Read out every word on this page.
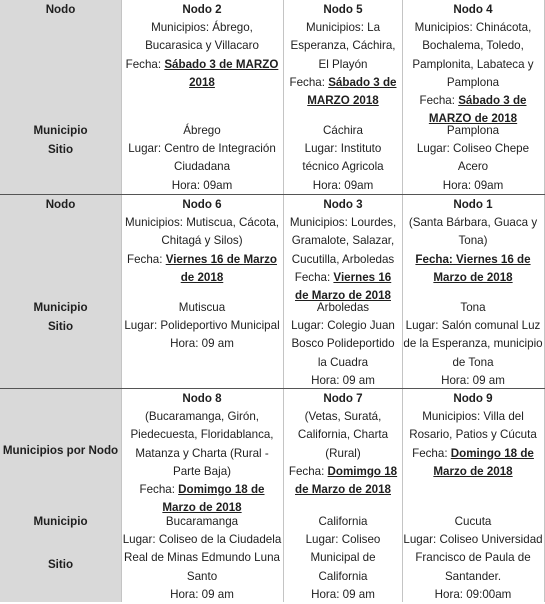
Nodo
Municipio
Sitio
Nodo 2
Municipios: Ábrego,
Bucarasica y Villacaro
Fecha: Sábado 3 de MARZO
2018
Ábrego
Lugar: Centro de Integración
Ciudadana
Hora: 09am
Nodo 5
Municipios: La
Esperanza, Cáchira,
El Playón
Fecha: Sábado 3 de
MARZO 2018
Cáchira
Lugar: Instituto
técnico Agricola
Hora: 09am
Nodo 4
Municipios: Chinácota,
Bochalema, Toledo,
Pamplonita, Labateca y
Pamplona
Fecha: Sábado 3 de
MARZO de 2018
Pamplona
Lugar: Coliseo Chepe
Acero
Hora: 09am
Nodo
Municipio
Sitio
Nodo 6
Municipios: Mutiscua, Cácota,
Chitagá y Silos)
Fecha: Viernes 16 de Marzo
de 2018
Mutiscua
Lugar: Polideportivo Municipal
Hora: 09 am
Nodo 3
Municipios: Lourdes,
Gramalote, Salazar,
Cucutilla, Arboledas
Fecha: Viernes 16
de Marzo de 2018
Arboledas
Lugar: Colegio Juan
Bosco Polideportido
la Cuadra
Hora: 09 am
Nodo 1
(Santa Bárbara, Guaca y
Tona)
Fecha: Viernes 16 de
Marzo de 2018
Tona
Lugar: Salón comunal Luz
de la Esperanza, municipio
de Tona
Hora: 09 am
Municipios por Nodo
Municipio
Sitio
Nodo 8
(Bucaramanga, Girón,
Piedecuesta, Floridablanca,
Matanza y Charta (Rural -
Parte Baja)
Fecha: Domimgo 18 de
Marzo de 2018
Bucaramanga
Lugar: Coliseo de la Ciudadela
Real de Minas Edmundo Luna
Santo
Hora: 09 am
Nodo 7
(Vetas, Suratá,
California, Charta
(Rural)
Fecha: Domimgo 18
de Marzo de 2018
California
Lugar: Coliseo
Municipal de
California
Hora: 09 am
Nodo 9
Municipios: Villa del
Rosario, Patios y Cúcuta
Fecha: Domingo 18 de
Marzo de 2018
Cucuta
Lugar: Coliseo Universidad
Francisco de Paula de
Santander.
Hora: 09:00am
